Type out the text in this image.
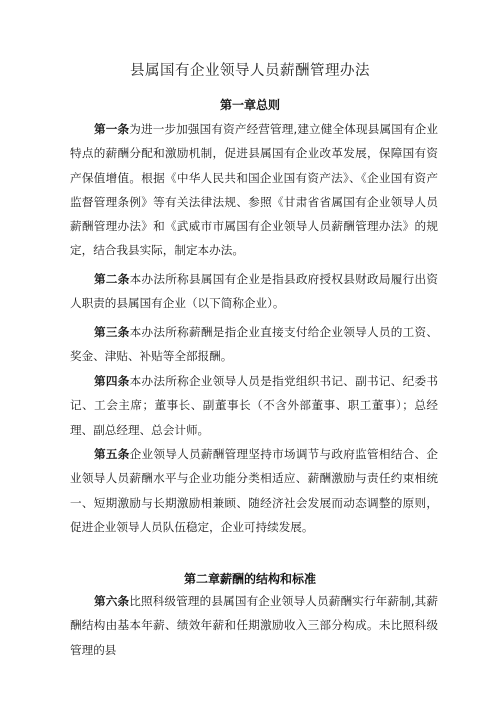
县属国有企业领导人员薪酬管理办法
第一章总则

第一条为进一步加强国有资产经营管理,建立健全体现县属国有企业特点的薪酬分配和激励机制，促进县属国有企业改革发展，保障国有资产保值增值。根据《中华人民共和国企业国有资产法》、《企业国有资产监督管理条例》等有关法律法规、参照《甘肃省省属国有企业领导人员薪酬管理办法》和《武威市市属国有企业领导人员薪酬管理办法》的规定，结合我县实际，制定本办法。

第二条本办法所称县属国有企业是指县政府授权县财政局履行出资人职责的县属国有企业（以下简称企业）。

第三条本办法所称薪酬是指企业直接支付给企业领导人员的工资、奖金、津贴、补贴等全部报酬。

第四条本办法所称企业领导人员是指党组织书记、副书记、纪委书记、工会主席；董事长、副董事长（不含外部董事、职工董事）；总经理、副总经理、总会计师。

第五条企业领导人员薪酬管理坚持市场调节与政府监管相结合、企业领导人员薪酬水平与企业功能分类相适应、薪酬激励与责任约束相统一、短期激励与长期激励相兼顾、随经济社会发展而动态调整的原则，促进企业领导人员队伍稳定，企业可持续发展。

第二章薪酬的结构和标准

第六条比照科级管理的县属国有企业领导人员薪酬实行年薪制,其薪酬结构由基本年薪、绩效年薪和任期激励收入三部分构成。未比照科级管理的县
